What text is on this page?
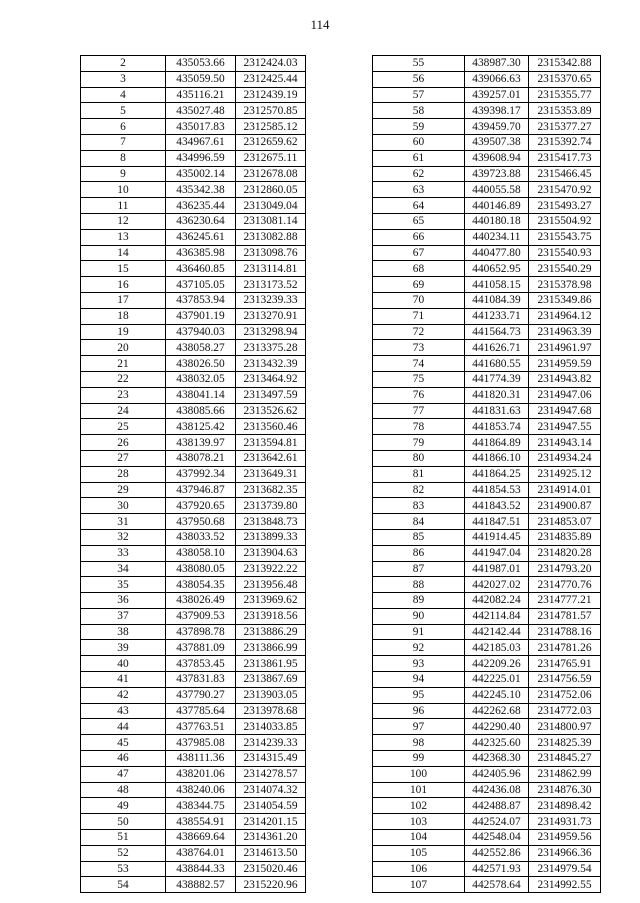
114
2	435053.66	2312424.03
3	435059.50	2312425.44
4	435116.21	2312439.19
5	435027.48	2312570.85
6	435017.83	2312585.12
7	434967.61	2312659.62
8	434996.59	2312675.11
9	435002.14	2312678.08
10	435342.38	2312860.05
11	436235.44	2313049.04
12	436230.64	2313081.14
13	436245.61	2313082.88
14	436385.98	2313098.76
15	436460.85	2313114.81
16	437105.05	2313173.52
17	437853.94	2313239.33
18	437901.19	2313270.91
19	437940.03	2313298.94
20	438058.27	2313375.28
21	438026.50	2313432.39
22	438032.05	2313464.92
23	438041.14	2313497.59
24	438085.66	2313526.62
25	438125.42	2313560.46
26	438139.97	2313594.81
27	438078.21	2313642.61
28	437992.34	2313649.31
29	437946.87	2313682.35
30	437920.65	2313739.80
31	437950.68	2313848.73
32	438033.52	2313899.33
33	438058.10	2313904.63
34	438080.05	2313922.22
35	438054.35	2313956.48
36	438026.49	2313969.62
37	437909.53	2313918.56
38	437898.78	2313886.29
39	437881.09	2313866.99
40	437853.45	2313861.95
41	437831.83	2313867.69
42	437790.27	2313903.05
43	437785.64	2313978.68
44	437763.51	2314033.85
45	437985.08	2314239.33
46	438111.36	2314315.49
47	438201.06	2314278.57
48	438240.06	2314074.32
49	438344.75	2314054.59
50	438554.91	2314201.15
51	438669.64	2314361.20
52	438764.01	2314613.50
53	438844.33	2315020.46
54	438882.57	2315220.96
55	438987.30	2315342.88
56	439066.63	2315370.65
57	439257.01	2315355.77
58	439398.17	2315353.89
59	439459.70	2315377.27
60	439507.38	2315392.74
61	439608.94	2315417.73
62	439723.88	2315466.45
63	440055.58	2315470.92
64	440146.89	2315493.27
65	440180.18	2315504.92
66	440234.11	2315543.75
67	440477.80	2315540.93
68	440652.95	2315540.29
69	441058.15	2315378.98
70	441084.39	2315349.86
71	441233.71	2314964.12
72	441564.73	2314963.39
73	441626.71	2314961.97
74	441680.55	2314959.59
75	441774.39	2314943.82
76	441820.31	2314947.06
77	441831.63	2314947.68
78	441853.74	2314947.55
79	441864.89	2314943.14
80	441866.10	2314934.24
81	441864.25	2314925.12
82	441854.53	2314914.01
83	441843.52	2314900.87
84	441847.51	2314853.07
85	441914.45	2314835.89
86	441947.04	2314820.28
87	441987.01	2314793.20
88	442027.02	2314770.76
89	442082.24	2314777.21
90	442114.84	2314781.57
91	442142.44	2314788.16
92	442185.03	2314781.26
93	442209.26	2314765.91
94	442225.01	2314756.59
95	442245.10	2314752.06
96	442262.68	2314772.03
97	442290.40	2314800.97
98	442325.60	2314825.39
99	442368.30	2314845.27
100	442405.96	2314862.99
101	442436.08	2314876.30
102	442488.87	2314898.42
103	442524.07	2314931.73
104	442548.04	2314959.56
105	442552.86	2314966.36
106	442571.93	2314979.54
107	442578.64	2314992.55
